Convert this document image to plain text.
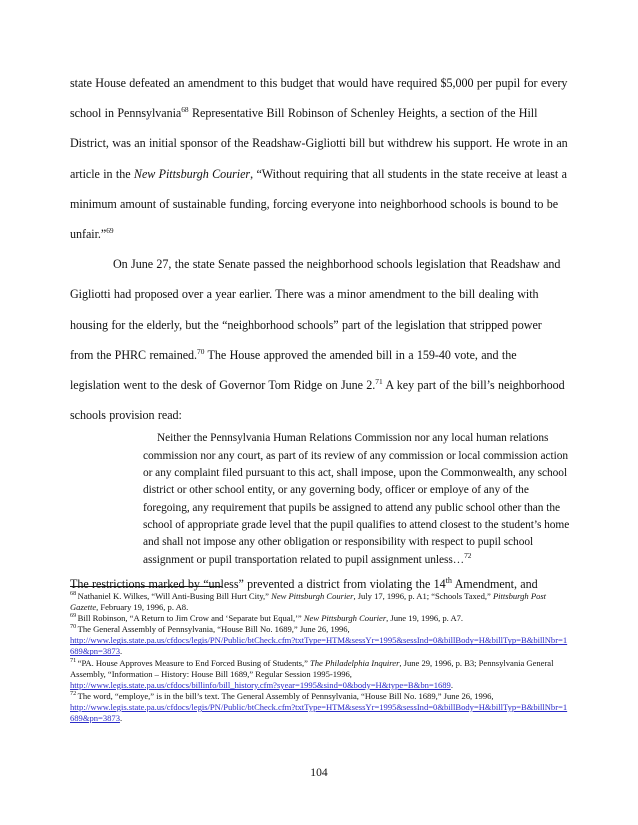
state House defeated an amendment to this budget that would have required $5,000 per pupil for every school in Pennsylvania$^{68}$ Representative Bill Robinson of Schenley Heights, a section of the Hill District, was an initial sponsor of the Readshaw-Gigliotti bill but withdrew his support. He wrote in an article in the New Pittsburgh Courier, “Without requiring that all students in the state receive at least a minimum amount of sustainable funding, forcing everyone into neighborhood schools is bound to be unfair.”$^{69}$

On June 27, the state Senate passed the neighborhood schools legislation that Readshaw and Gigliotti had proposed over a year earlier. There was a minor amendment to the bill dealing with housing for the elderly, but the “neighborhood schools” part of the legislation that stripped power from the PHRC remained.$^{70}$ The House approved the amended bill in a 159-40 vote, and the legislation went to the desk of Governor Tom Ridge on June 2.71 A key part of the bill’s neighborhood schools provision read:

Neither the Pennsylvania Human Relations Commission nor any local human relations commission nor any court, as part of its review of any commission or local commission action or any complaint filed pursuant to this act, shall impose, upon the Commonwealth, any school district or other school entity, or any governing body, officer or employe of any of the foregoing, any requirement that pupils be assigned to attend any public school other than the school of appropriate grade level that the pupil qualifies to attend closest to the student’s home and shall not impose any other obligation or responsibility with respect to pupil school assignment or pupil transportation related to pupil assignment unless…$^{72}$

The restrictions marked by “unless” prevented a district from violating the 14th Amendment, and

$^{68}$ Nathaniel K. Wilkes, “Will Anti-Busing Bill Hurt City,” New Pittsburgh Courier, July 17, 1996, p. A1; “Schools Taxed,” Pittsburgh Post Gazette, February 19, 1996, p. A8.

$^{69}$ Bill Robinson, “A Return to Jim Crow and ‘Separate but Equal,’” New Pittsburgh Courier, June 19, 1996, p. A7.

$^{70}$ The General Assembly of Pennsylvania, “House Bill No. 1689,” June 26, 1996,
http://www.legis.state.pa.us/cfdocs/legis/PN/Public/btCheck.cfm?txtType=HTM&sessYr=1995&sessInd=0&billBody=H&billTyp=B&billNbr=1689&pn=3873.

$^{71}$ “PA. House Approves Measure to End Forced Busing of Students,” The Philadelphia Inquirer, June 29, 1996, p. B3; Pennsylvania General Assembly, “Information – History: House Bill 1689,” Regular Session 1995-1996,
http://www.legis.state.pa.us/cfdocs/billinfo/bill_history.cfm?syear=1995&sind=0&body=H&type=B&bn=1689.

$^{72}$ The word, “employe,” is in the bill’s text. The General Assembly of Pennsylvania, “House Bill No. 1689,” June 26, 1996,
http://www.legis.state.pa.us/cfdocs/legis/PN/Public/btCheck.cfm?txtType=HTM&sessYr=1995&sessInd=0&billBody=H&billTyp=B&billNbr=1689&pn=3873.

104
